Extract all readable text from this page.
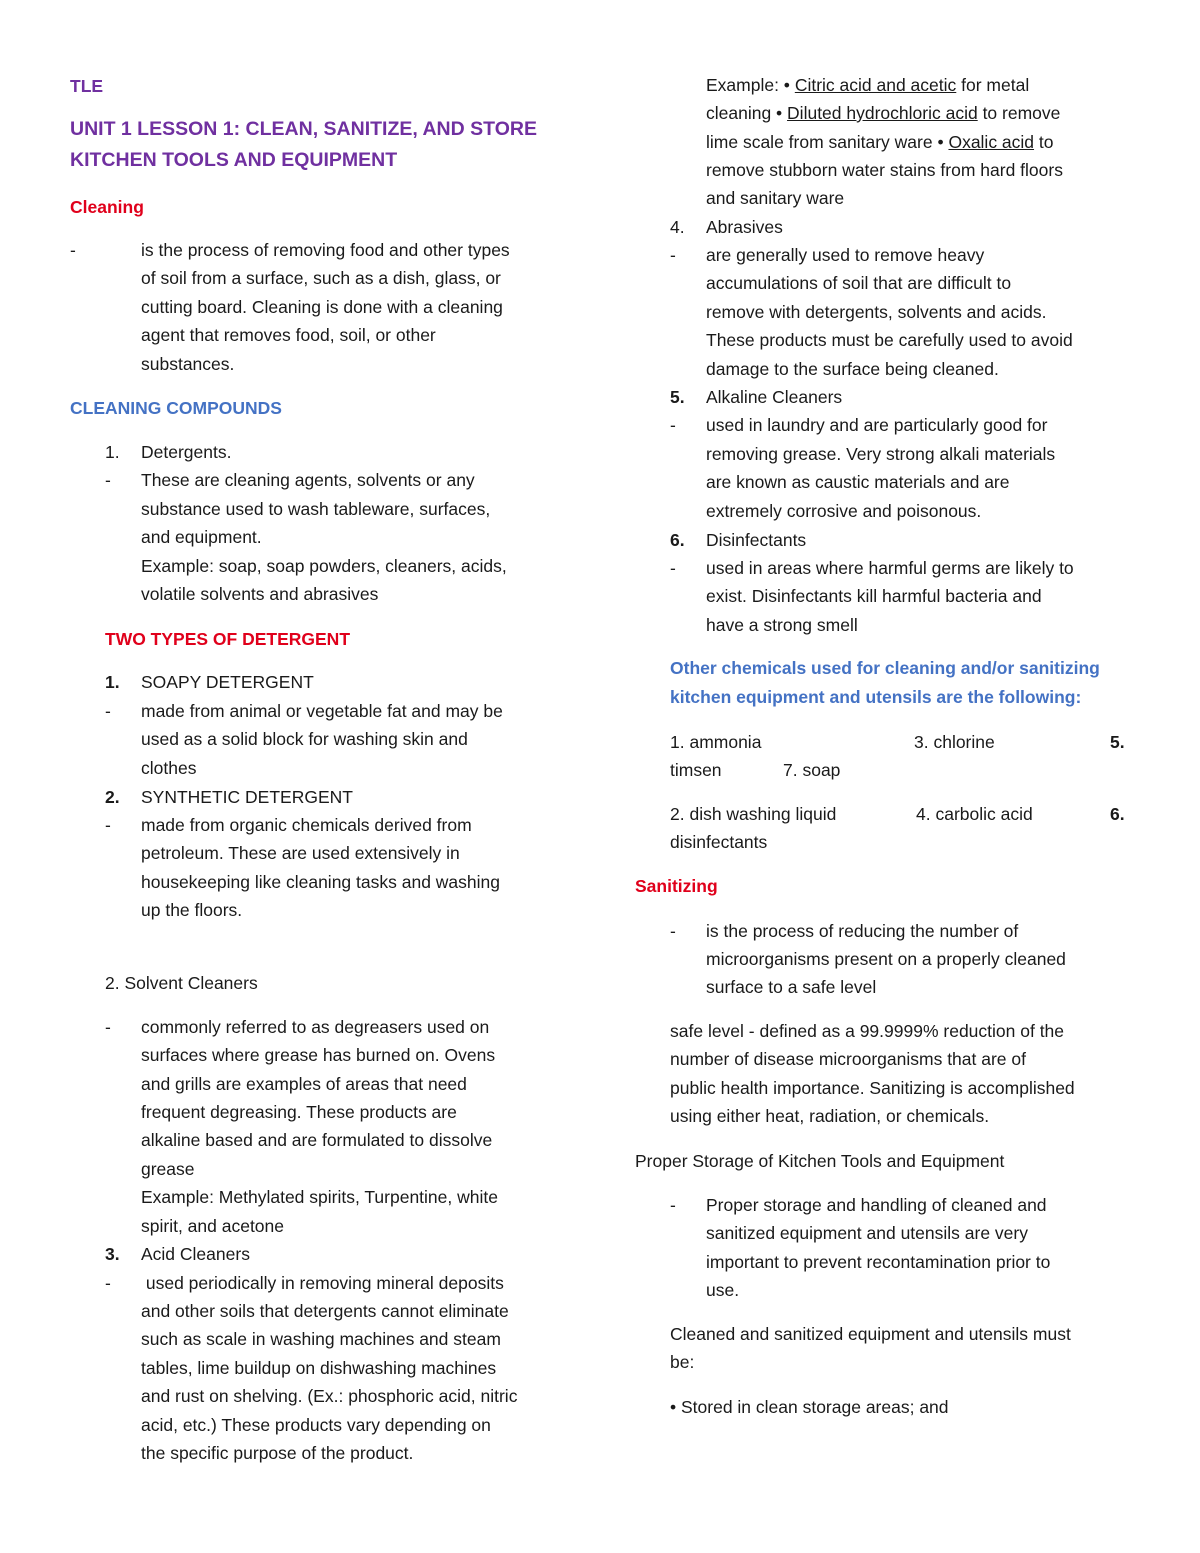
TLE

UNIT 1 LESSON 1: CLEAN, SANITIZE, AND STORE

KITCHEN TOOLS AND EQUIPMENT

Cleaning

-	is the process of removing food and other types

of soil from a surface, such as a dish, glass, or

cutting board. Cleaning is done with a cleaning

agent that removes food, soil, or other

substances.

CLEANING COMPOUNDS

1. Detergents.

- These are cleaning agents, solvents or any

substance used to wash tableware, surfaces,

and equipment.

Example: soap, soap powders, cleaners, acids,

volatile solvents and abrasives

TWO TYPES OF DETERGENT

1. SOAPY DETERGENT

- made from animal or vegetable fat and may be

used as a solid block for washing skin and

clothes

2. SYNTHETIC DETERGENT

- made from organic chemicals derived from

petroleum. These are used extensively in

housekeeping like cleaning tasks and washing

up the floors.

2. Solvent Cleaners

- commonly referred to as degreasers used on

surfaces where grease has burned on. Ovens

and grills are examples of areas that need

frequent degreasing. These products are

alkaline based and are formulated to dissolve

grease

Example: Methylated spirits, Turpentine, white

spirit, and acetone

3. Acid Cleaners

- used periodically in removing mineral deposits

and other soils that detergents cannot eliminate

such as scale in washing machines and steam

tables, lime buildup on dishwashing machines

and rust on shelving. (Ex.: phosphoric acid, nitric

acid, etc.) These products vary depending on

the specific purpose of the product.

Example: • Citric acid and acetic for metal

cleaning • Diluted hydrochloric acid to remove

lime scale from sanitary ware • Oxalic acid to

remove stubborn water stains from hard floors

and sanitary ware

4. Abrasives

- are generally used to remove heavy

accumulations of soil that are difficult to

remove with detergents, solvents and acids.

These products must be carefully used to avoid

damage to the surface being cleaned.

5. Alkaline Cleaners

- used in laundry and are particularly good for

removing grease. Very strong alkali materials

are known as caustic materials and are

extremely corrosive and poisonous.

6. Disinfectants

- used in areas where harmful germs are likely to

exist. Disinfectants kill harmful bacteria and

have a strong smell

Other chemicals used for cleaning and/or sanitizing

kitchen equipment and utensils are the following:

1. ammonia	3. chlorine	5.

timsen	7. soap

2. dish washing liquid	4. carbolic acid	6.

disinfectants

Sanitizing

- is the process of reducing the number of

microorganisms present on a properly cleaned

surface to a safe level

safe level - defined as a 99.9999% reduction of the

number of disease microorganisms that are of

public health importance. Sanitizing is accomplished

using either heat, radiation, or chemicals.

Proper Storage of Kitchen Tools and Equipment

- Proper storage and handling of cleaned and

sanitized equipment and utensils are very

important to prevent recontamination prior to

use.

Cleaned and sanitized equipment and utensils must

be:

• Stored in clean storage areas; and
